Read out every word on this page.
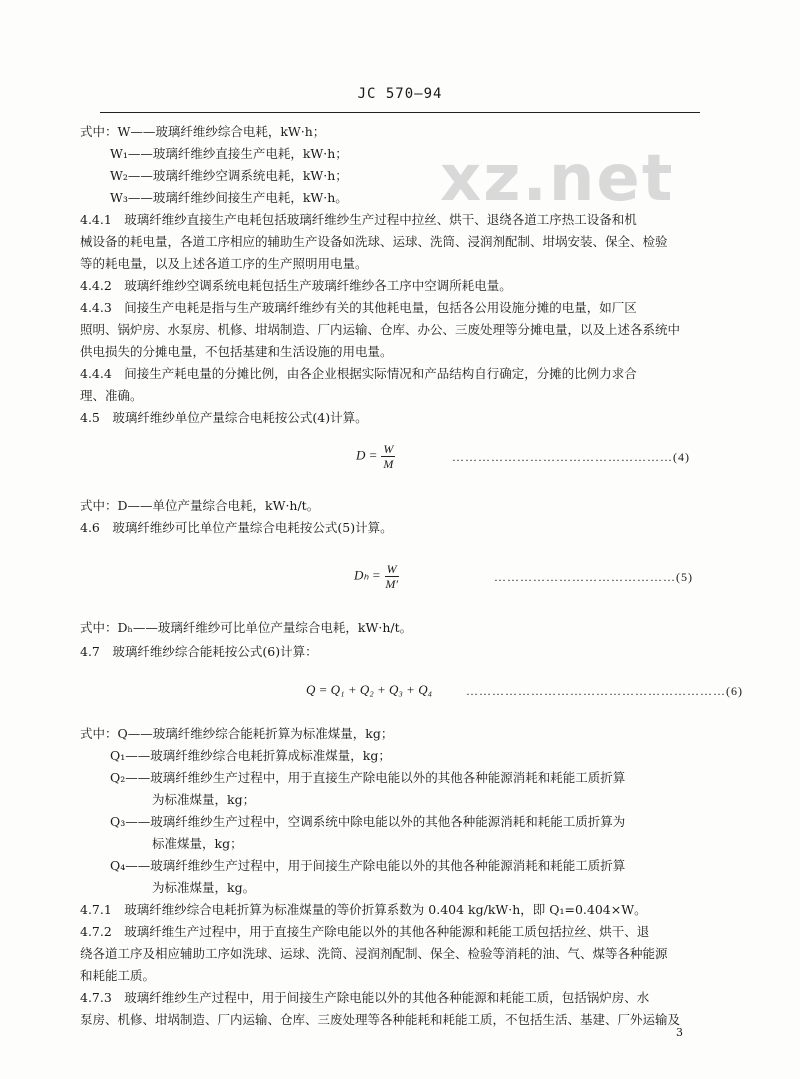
JC 570—94
xz.net
式中：W——玻璃纤维纱综合电耗，kW·h；
W₁——玻璃纤维纱直接生产电耗，kW·h；
W₂——玻璃纤维纱空调系统电耗，kW·h；
W₃——玻璃纤维纱间接生产电耗，kW·h。
4.4.1　玻璃纤维纱直接生产电耗包括玻璃纤维纱生产过程中拉丝、烘干、退绕各道工序热工设备和机
械设备的耗电量，各道工序相应的辅助生产设备如洗球、运球、洗筒、浸润剂配制、坩埚安装、保全、检验
等的耗电量，以及上述各道工序的生产照明用电量。
4.4.2　玻璃纤维纱空调系统电耗包括生产玻璃纤维纱各工序中空调所耗电量。
4.4.3　间接生产电耗是指与生产玻璃纤维纱有关的其他耗电量，包括各公用设施分摊的电量，如厂区
照明、锅炉房、水泵房、机修、坩埚制造、厂内运输、仓库、办公、三废处理等分摊电量，以及上述各系统中
供电损失的分摊电量，不包括基建和生活设施的用电量。
4.4.4　间接生产耗电量的分摊比例，由各企业根据实际情况和产品结构自行确定，分摊的比例力求合
理、准确。
4.5　玻璃纤维纱单位产量综合电耗按公式(4)计算。
$D = \frac{W}{M}$	……………………………………………(4)
式中：D——单位产量综合电耗，kW·h/t。
4.6　玻璃纤维纱可比单位产量综合电耗按公式(5)计算。
$D_h = \frac{W}{M'}$	……………………………………(5)
式中：Dₕ——玻璃纤维纱可比单位产量综合电耗，kW·h/t。
4.7　玻璃纤维纱综合能耗按公式(6)计算：
Q = Q₁ + Q₂ + Q₃ + Q₄	……………………………………………………(6)
式中：Q——玻璃纤维纱综合能耗折算为标准煤量，kg；
Q₁——玻璃纤维纱综合电耗折算成标准煤量，kg；
Q₂——玻璃纤维纱生产过程中，用于直接生产除电能以外的其他各种能源消耗和耗能工质折算
为标准煤量，kg；
Q₃——玻璃纤维纱生产过程中，空调系统中除电能以外的其他各种能源消耗和耗能工质折算为
标准煤量，kg；
Q₄——玻璃纤维纱生产过程中，用于间接生产除电能以外的其他各种能源消耗和耗能工质折算
为标准煤量，kg。
4.7.1　玻璃纤维纱综合电耗折算为标准煤量的等价折算系数为 0.404 kg/kW·h，即 Q₁=0.404×W。
4.7.2　玻璃纤维生产过程中，用于直接生产除电能以外的其他各种能源和耗能工质包括拉丝、烘干、退
绕各道工序及相应辅助工序如洗球、运球、洗筒、浸润剂配制、保全、检验等消耗的油、气、煤等各种能源
和耗能工质。
4.7.3　玻璃纤维纱生产过程中，用于间接生产除电能以外的其他各种能源和耗能工质，包括锅炉房、水
泵房、机修、坩埚制造、厂内运输、仓库、三废处理等各种能耗和耗能工质，不包括生活、基建、厂外运输及
3
